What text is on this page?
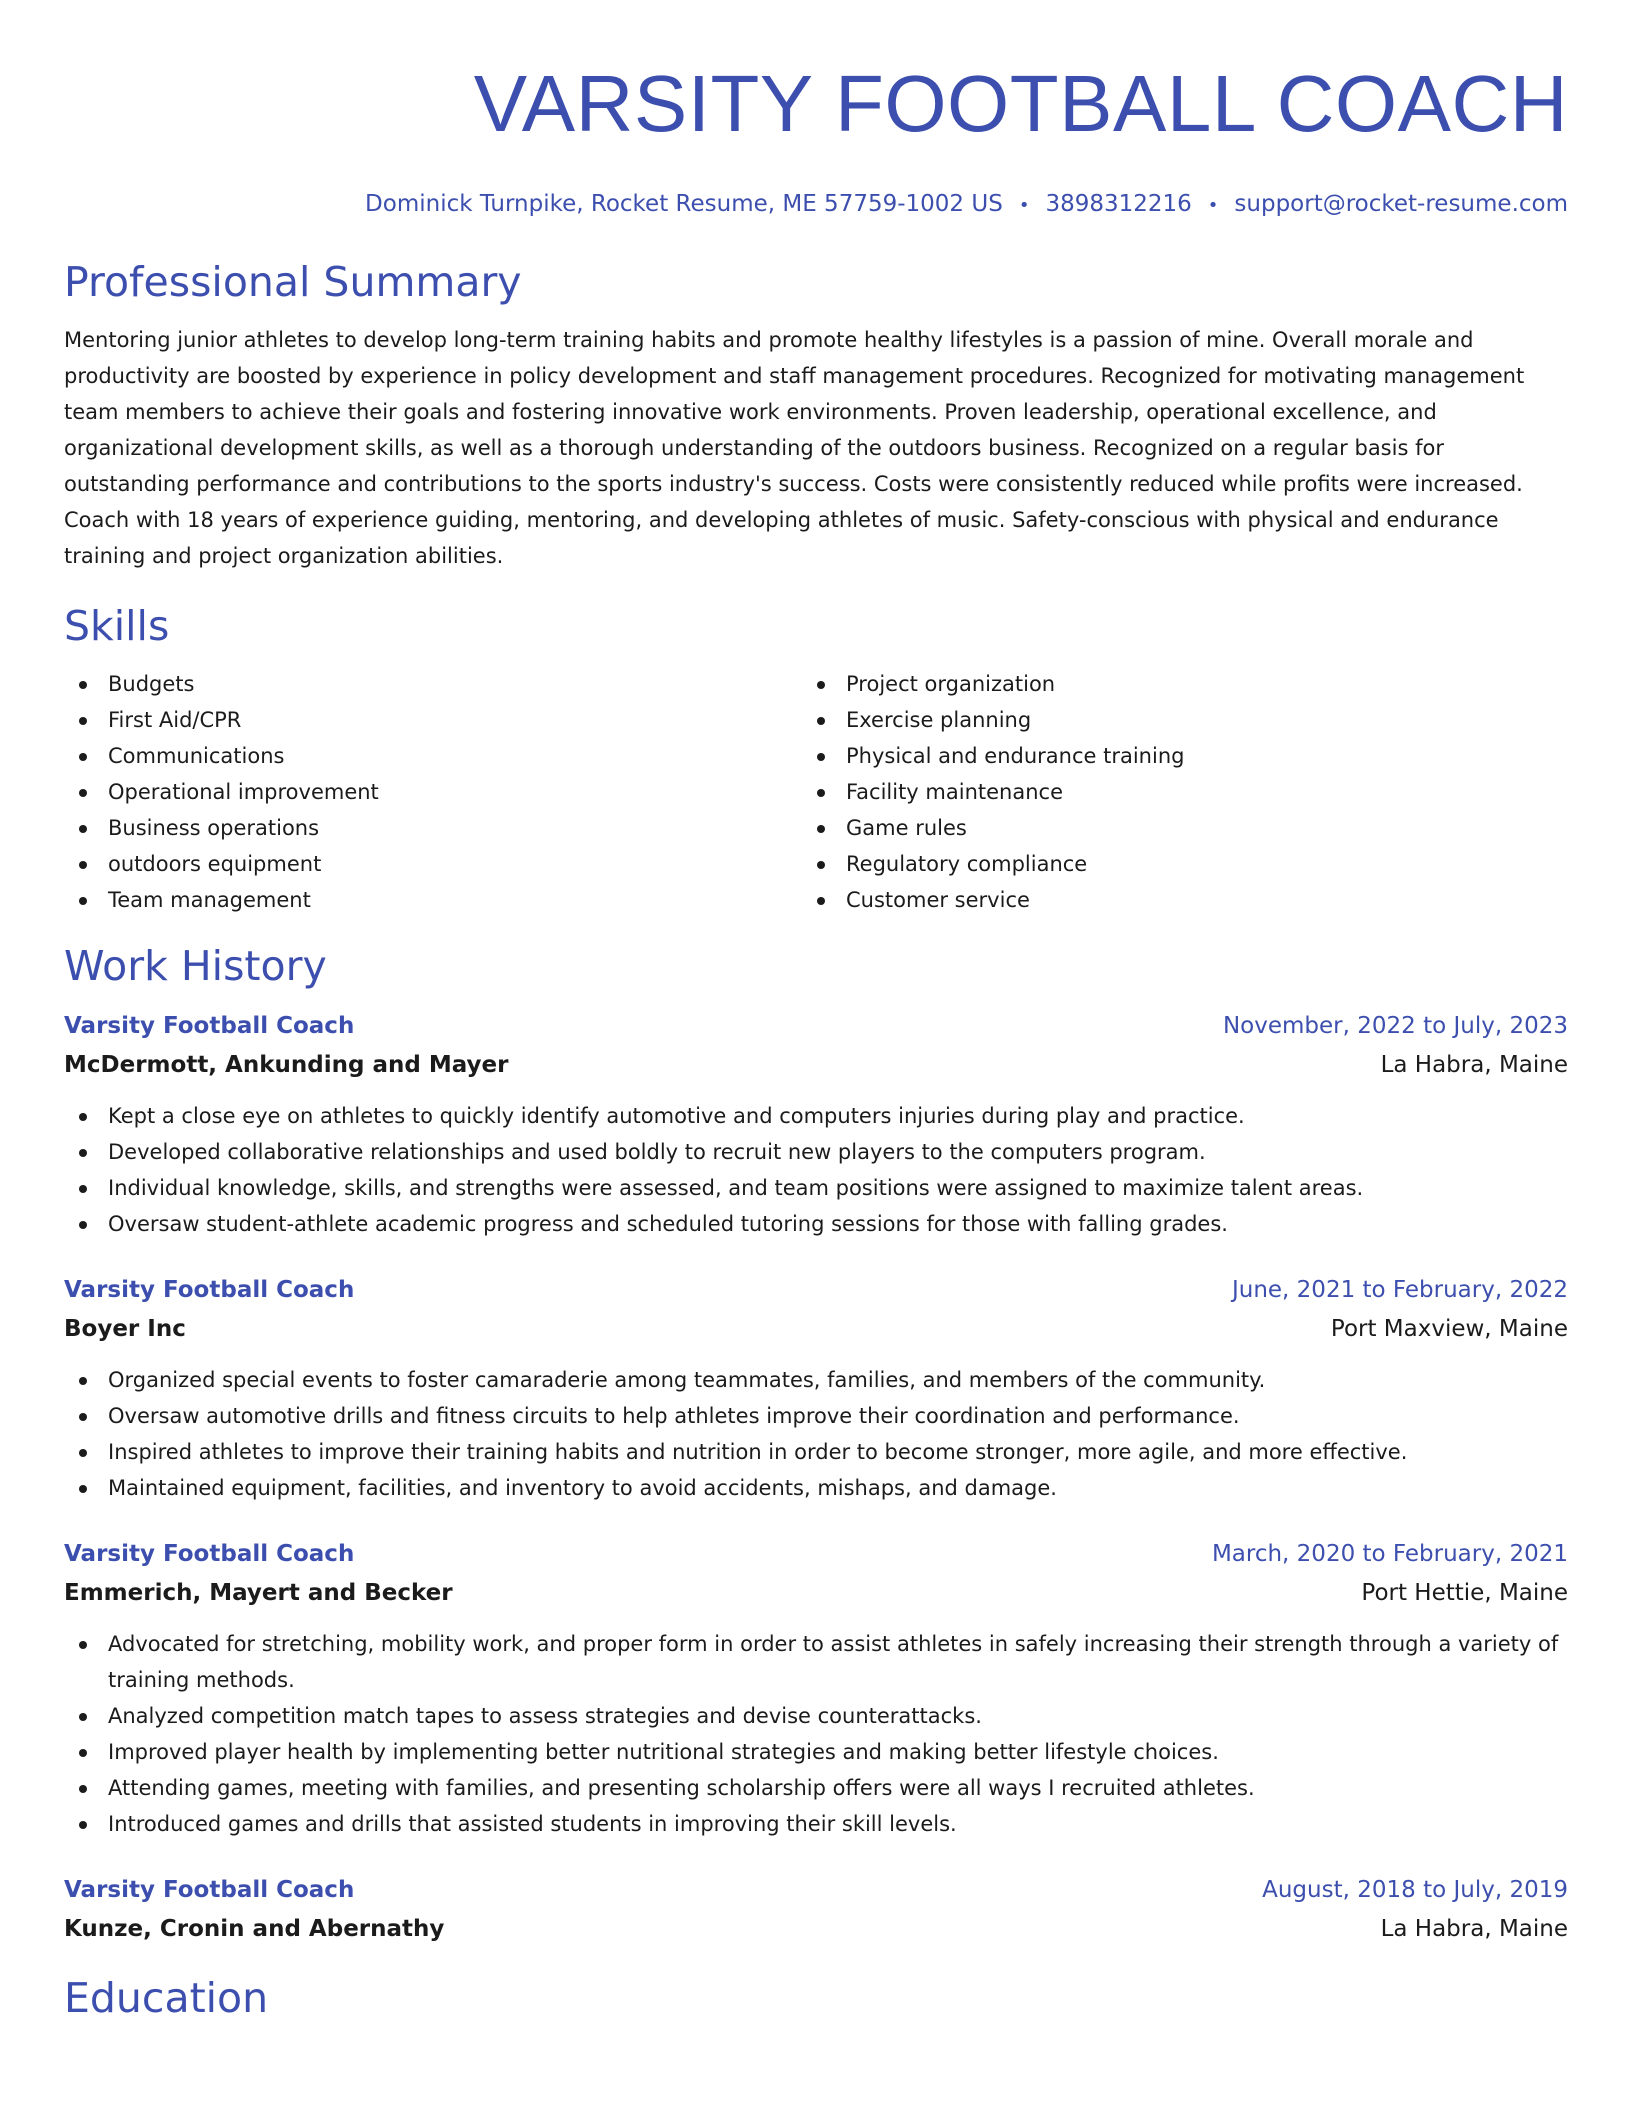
VARSITY FOOTBALL COACH
Dominick Turnpike, Rocket Resume, ME 57759-1002 US • 3898312216 • support@rocket-resume.com
Professional Summary

Mentoring junior athletes to develop long-term training habits and promote healthy lifestyles is a passion of mine. Overall morale and productivity are boosted by experience in policy development and staff management procedures. Recognized for motivating management team members to achieve their goals and fostering innovative work environments. Proven leadership, operational excellence, and organizational development skills, as well as a thorough understanding of the outdoors business. Recognized on a regular basis for outstanding performance and contributions to the sports industry's success. Costs were consistently reduced while profits were increased. Coach with 18 years of experience guiding, mentoring, and developing athletes of music. Safety-conscious with physical and endurance training and project organization abilities.

Skills
Budgets
First Aid/CPR
Communications
Operational improvement
Business operations
outdoors equipment
Team management
Project organization
Exercise planning
Physical and endurance training
Facility maintenance
Game rules
Regulatory compliance
Customer service
Work History
Varsity Football Coach	November, 2022 to July, 2023
McDermott, Ankunding and Mayer	La Habra, Maine
Kept a close eye on athletes to quickly identify automotive and computers injuries during play and practice.
Developed collaborative relationships and used boldly to recruit new players to the computers program.
Individual knowledge, skills, and strengths were assessed, and team positions were assigned to maximize talent areas.
Oversaw student-athlete academic progress and scheduled tutoring sessions for those with falling grades.
Varsity Football Coach	June, 2021 to February, 2022
Boyer Inc	Port Maxview, Maine
Organized special events to foster camaraderie among teammates, families, and members of the community.
Oversaw automotive drills and fitness circuits to help athletes improve their coordination and performance.
Inspired athletes to improve their training habits and nutrition in order to become stronger, more agile, and more effective.
Maintained equipment, facilities, and inventory to avoid accidents, mishaps, and damage.
Varsity Football Coach	March, 2020 to February, 2021
Emmerich, Mayert and Becker	Port Hettie, Maine
Advocated for stretching, mobility work, and proper form in order to assist athletes in safely increasing their strength through a variety of training methods.
Analyzed competition match tapes to assess strategies and devise counterattacks.
Improved player health by implementing better nutritional strategies and making better lifestyle choices.
Attending games, meeting with families, and presenting scholarship offers were all ways I recruited athletes.
Introduced games and drills that assisted students in improving their skill levels.
Varsity Football Coach	August, 2018 to July, 2019
Kunze, Cronin and Abernathy	La Habra, Maine
Education
